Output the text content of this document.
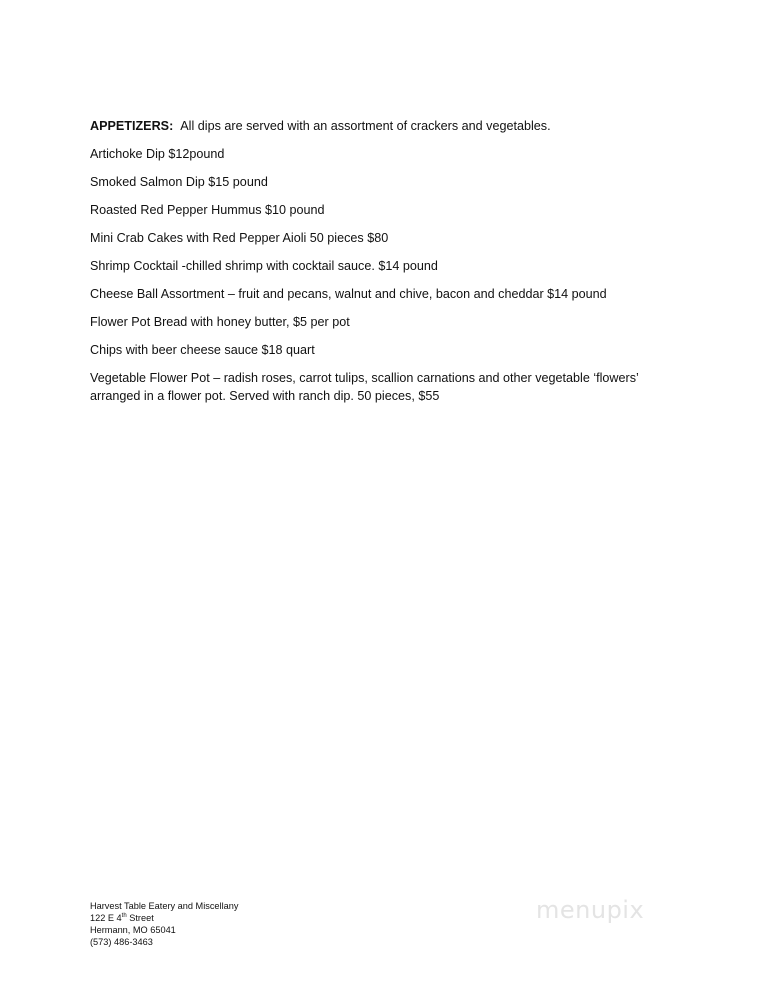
APPETIZERS: All dips are served with an assortment of crackers and vegetables.
Artichoke Dip $12pound
Smoked Salmon Dip $15 pound
Roasted Red Pepper Hummus $10 pound
Mini Crab Cakes with Red Pepper Aioli 50 pieces $80
Shrimp Cocktail -chilled shrimp with cocktail sauce. $14 pound
Cheese Ball Assortment – fruit and pecans, walnut and chive, bacon and cheddar $14 pound
Flower Pot Bread with honey butter, $5 per pot
Chips with beer cheese sauce $18 quart
Vegetable Flower Pot – radish roses, carrot tulips, scallion carnations and other vegetable ‘flowers’
arranged in a flower pot. Served with ranch dip. 50 pieces, $55
Harvest Table Eatery and Miscellany
122 E 4th Street
Hermann, MO 65041
(573) 486-3463
menupix
